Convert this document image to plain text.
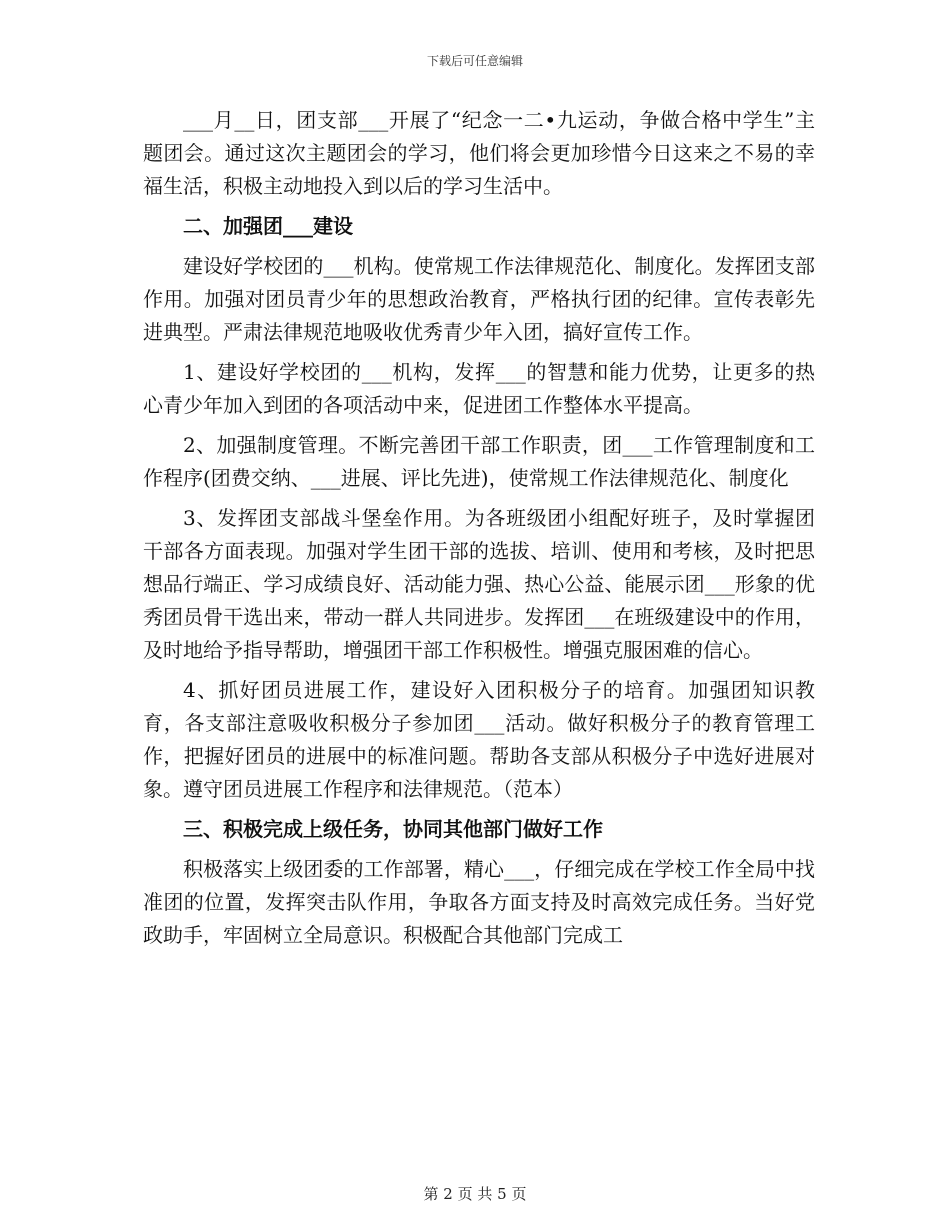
下载后可任意编辑

___月__日，团支部___开展了“纪念一二•九运动，争做合格中学生”主题团会。通过这次主题团会的学习，他们将会更加珍惜今日这来之不易的幸福生活，积极主动地投入到以后的学习生活中。

二、加强团___建设

建设好学校团的___机构。使常规工作法律规范化、制度化。发挥团支部作用。加强对团员青少年的思想政治教育，严格执行团的纪律。宣传表彰先进典型。严肃法律规范地吸收优秀青少年入团，搞好宣传工作。

1、建设好学校团的___机构，发挥___的智慧和能力优势，让更多的热心青少年加入到团的各项活动中来，促进团工作整体水平提高。

2、加强制度管理。不断完善团干部工作职责，团___工作管理制度和工作程序(团费交纳、___进展、评比先进)，使常规工作法律规范化、制度化

3、发挥团支部战斗堡垒作用。为各班级团小组配好班子，及时掌握团干部各方面表现。加强对学生团干部的选拔、培训、使用和考核，及时把思想品行端正、学习成绩良好、活动能力强、热心公益、能展示团___形象的优秀团员骨干选出来，带动一群人共同进步。发挥团___在班级建设中的作用，及时地给予指导帮助，增强团干部工作积极性。增强克服困难的信心。

4、抓好团员进展工作，建设好入团积极分子的培育。加强团知识教育，各支部注意吸收积极分子参加团___活动。做好积极分子的教育管理工作，把握好团员的进展中的标准问题。帮助各支部从积极分子中选好进展对象。遵守团员进展工作程序和法律规范。（范本）

三、积极完成上级任务，协同其他部门做好工作

积极落实上级团委的工作部署，精心___，仔细完成在学校工作全局中找准团的位置，发挥突击队作用，争取各方面支持及时高效完成任务。当好党政助手，牢固树立全局意识。积极配合其他部门完成工

第 2 页 共 5 页
